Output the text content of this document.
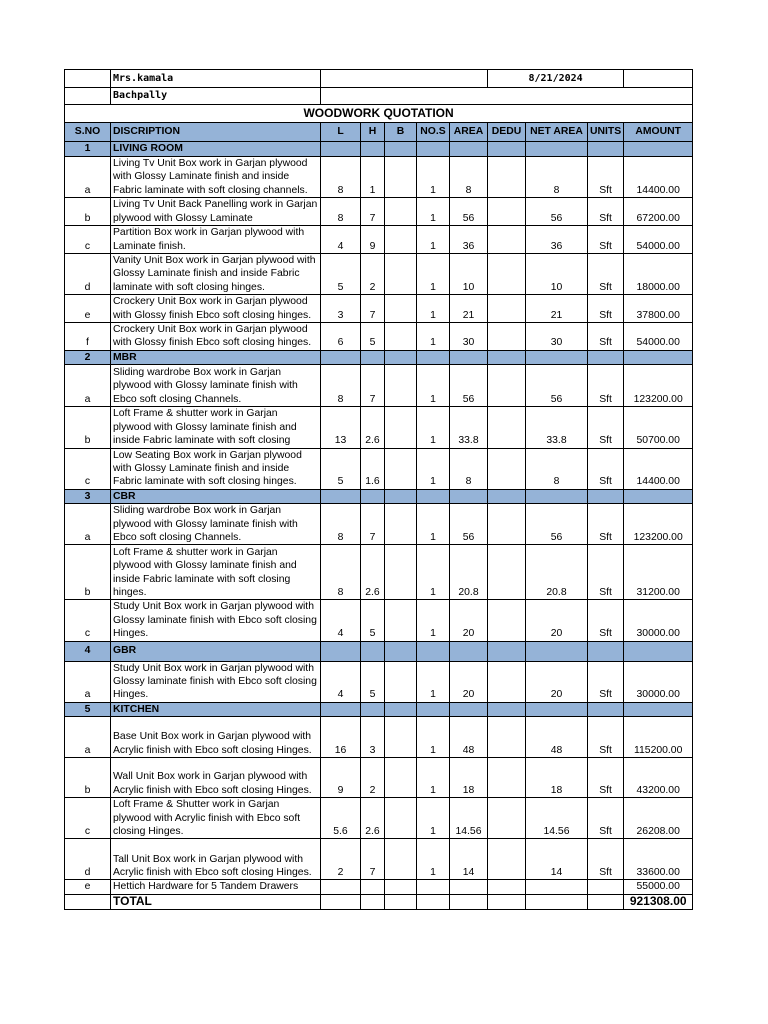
	Mrs.kamala						8/21/2024			
	Bachpally									
WOODWORK QUOTATION										
S.NO	DISCRIPTION	L	H	B	NO.S	AREA	DEDU	NET AREA	UNITS	AMOUNT
1	LIVING ROOM									
a	Living Tv Unit Box work in Garjan plywood with Glossy Laminate finish and inside Fabric laminate with soft closing channels.	8	1		1	8		8	Sft	14400.00
b	Living Tv Unit Back Panelling work in Garjan plywood with Glossy Laminate	8	7		1	56		56	Sft	67200.00
c	Partition Box work in Garjan plywood with Laminate finish.	4	9		1	36		36	Sft	54000.00
d	Vanity Unit Box work in Garjan plywood with Glossy Laminate finish and inside Fabric laminate with soft closing hinges.	5	2		1	10		10	Sft	18000.00
e	Crockery Unit Box work in Garjan plywood with Glossy finish Ebco soft closing hinges.	3	7		1	21		21	Sft	37800.00
f	Crockery Unit Box work in Garjan plywood with Glossy finish Ebco soft closing hinges.	6	5		1	30		30	Sft	54000.00
2	MBR									
a	Sliding wardrobe Box work in Garjan plywood with Glossy laminate finish with Ebco soft closing Channels.	8	7		1	56		56	Sft	123200.00
b	Loft Frame & shutter work in Garjan plywood with Glossy laminate finish and inside Fabric laminate with soft closing	13	2.6		1	33.8		33.8	Sft	50700.00
c	Low Seating Box work in Garjan plywood with Glossy Laminate finish and inside Fabric laminate with soft closing hinges.	5	1.6		1	8		8	Sft	14400.00
3	CBR									
a	Sliding wardrobe Box work in Garjan plywood with Glossy laminate finish with Ebco soft closing Channels.	8	7		1	56		56	Sft	123200.00
b	Loft Frame & shutter work in Garjan plywood with Glossy laminate finish and inside Fabric laminate with soft closing hinges.	8	2.6		1	20.8		20.8	Sft	31200.00
c	Study Unit Box work in Garjan plywood with Glossy laminate finish with Ebco soft closing Hinges.	4	5		1	20		20	Sft	30000.00
4	GBR									
a	Study Unit Box work in Garjan plywood with Glossy laminate finish with Ebco soft closing Hinges.	4	5		1	20		20	Sft	30000.00
5	KITCHEN									
a	Base Unit Box work in Garjan plywood with Acrylic finish with Ebco soft closing Hinges.	16	3		1	48		48	Sft	115200.00
b	Wall Unit Box work in Garjan plywood with Acrylic finish with Ebco soft closing Hinges.	9	2		1	18		18	Sft	43200.00
c	Loft Frame & Shutter work in Garjan plywood with Acrylic finish with Ebco soft closing Hinges.	5.6	2.6		1	14.56		14.56	Sft	26208.00
d	Tall Unit Box work in Garjan plywood with Acrylic finish with Ebco soft closing Hinges.	2	7		1	14		14	Sft	33600.00
e	Hettich Hardware for 5 Tandem Drawers									55000.00
	TOTAL									921308.00
